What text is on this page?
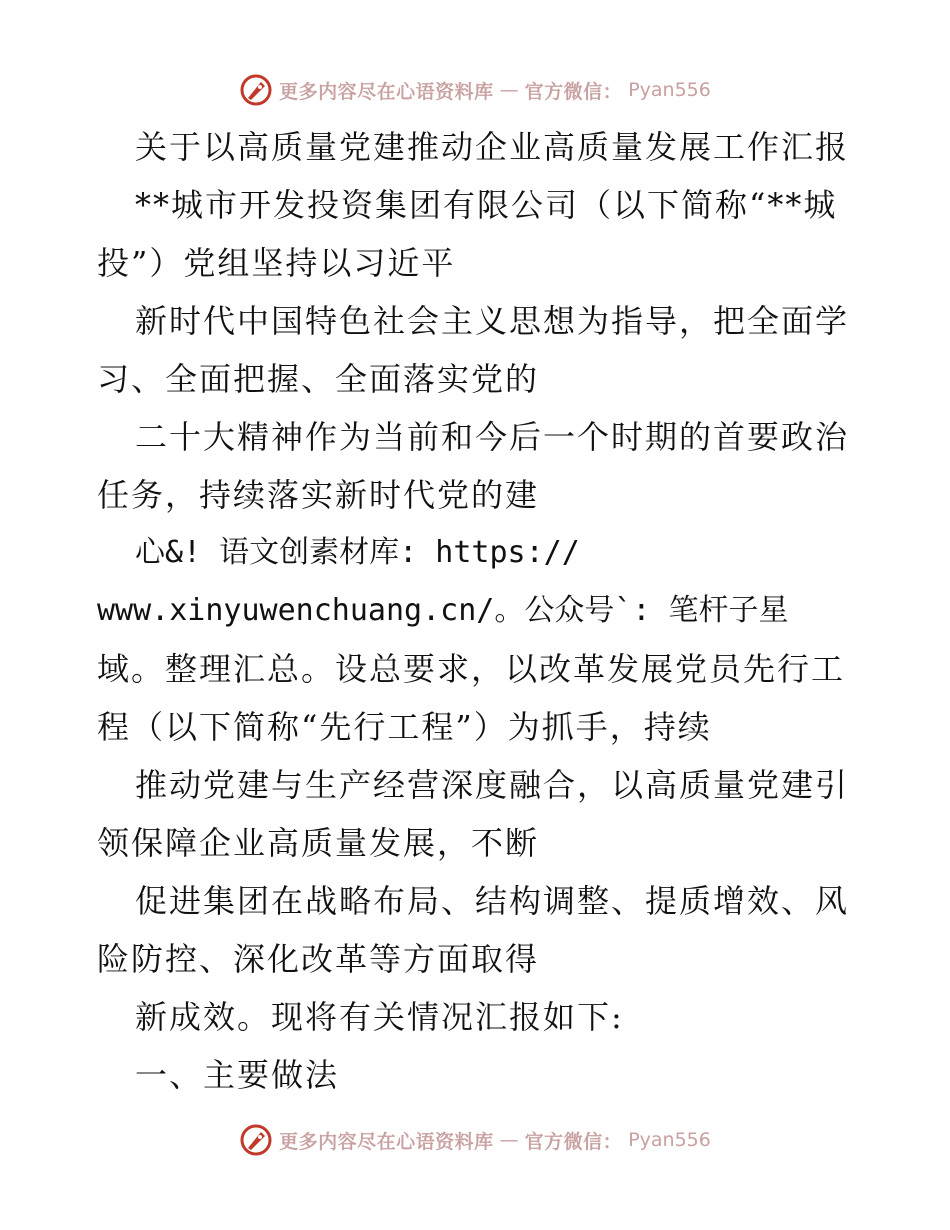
更多内容尽在心语资料库 — 官方微信： Pyan556
关于以高质量党建推动企业高质量发展工作汇报
**城市开发投资集团有限公司（以下简称“**城
投”）党组坚持以习近平
新时代中国特色社会主义思想为指导，把全面学
习、全面把握、全面落实党的
二十大精神作为当前和今后一个时期的首要政治
任务，持续落实新时代党的建
心&! 语文创素材库: https://
www.xinyuwenchuang.cn/。公众号`: 笔杆子星
域。整理汇总。设总要求，以改革发展党员先行工
程（以下简称“先行工程”）为抓手，持续
推动党建与生产经营深度融合，以高质量党建引
领保障企业高质量发展，不断
促进集团在战略布局、结构调整、提质增效、风
险防控、深化改革等方面取得
新成效。现将有关情况汇报如下:
一、主要做法
更多内容尽在心语资料库 — 官方微信： Pyan556
